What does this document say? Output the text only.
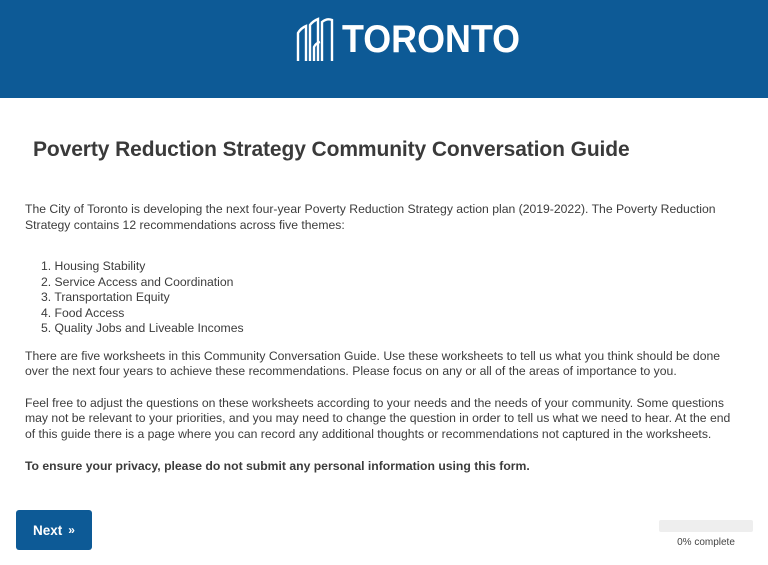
TORONTO
Poverty Reduction Strategy Community Conversation Guide

The City of Toronto is developing the next four-year Poverty Reduction Strategy action plan (2019-2022). The Poverty Reduction Strategy contains 12 recommendations across five themes:

1. Housing Stability
2. Service Access and Coordination
3. Transportation Equity
4. Food Access
5. Quality Jobs and Liveable Incomes

There are five worksheets in this Community Conversation Guide. Use these worksheets to tell us what you think should be done over the next four years to achieve these recommendations. Please focus on any or all of the areas of importance to you.

Feel free to adjust the questions on these worksheets according to your needs and the needs of your community. Some questions may not be relevant to your priorities, and you may need to change the question in order to tell us what we need to hear. At the end of this guide there is a page where you can record any additional thoughts or recommendations not captured in the worksheets.

To ensure your privacy, please do not submit any personal information using this form.

Next »
0% complete
